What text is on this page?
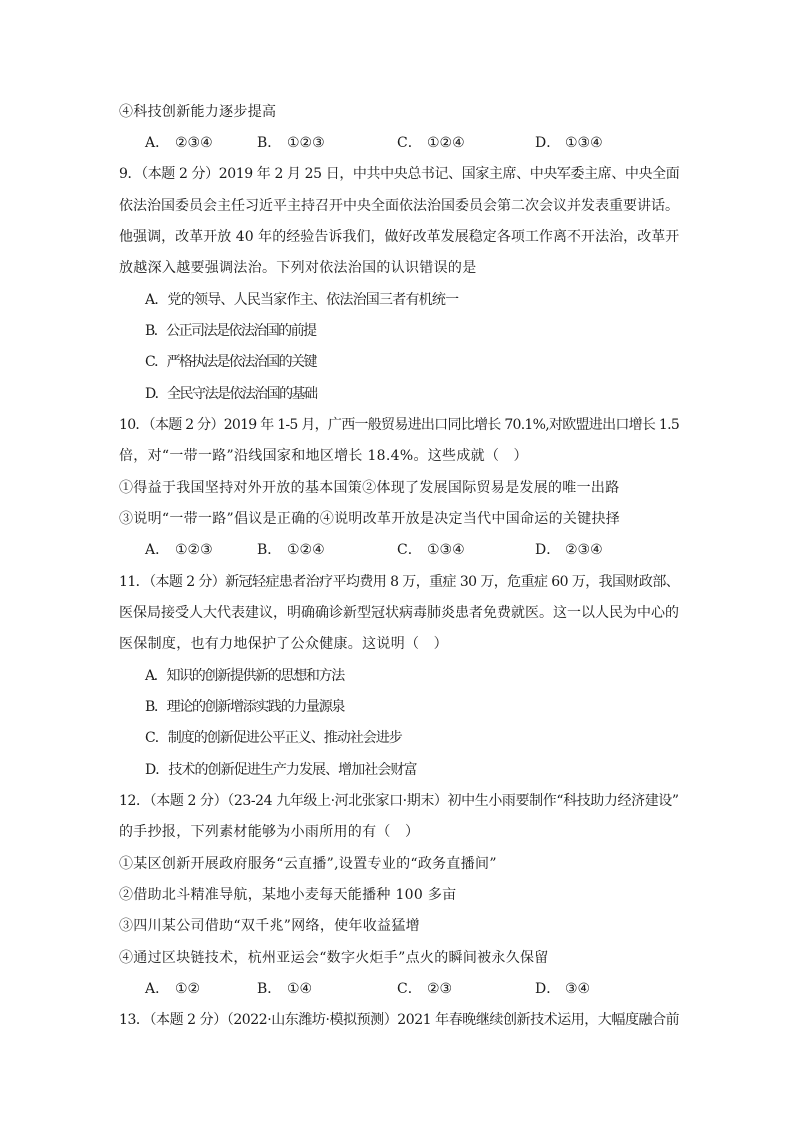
④科技创新能力逐步提高
A． ②③④	B． ①②③	C． ①②④	D． ①③④
9．（本题 2 分）2019 年 2 月 25 日，中共中央总书记、国家主席、中央军委主席、中央全面
依法治国委员会主任习近平主持召开中央全面依法治国委员会第二次会议并发表重要讲话。
他强调，改革开放 40 年的经验告诉我们，做好改革发展稳定各项工作离不开法治，改革开
放越深入越要强调法治。下列对依法治国的认识错误的是
A．党的领导、人民当家作主、依法治国三者有机统一
B．公正司法是依法治国的前提
C．严格执法是依法治国的关键
D．全民守法是依法治国的基础
10．（本题 2 分）2019 年 1-5 月，广西一般贸易进出口同比增长 70.1%,对欧盟进出口增长 1.5
倍，对“一带一路”沿线国家和地区增长 18.4%。这些成就（　）
①得益于我国坚持对外开放的基本国策②体现了发展国际贸易是发展的唯一出路
③说明“一带一路”倡议是正确的④说明改革开放是决定当代中国命运的关键抉择
A． ①②③	B． ①②④	C． ①③④	D． ②③④
11．（本题 2 分）新冠轻症患者治疗平均费用 8 万，重症 30 万，危重症 60 万，我国财政部、
医保局接受人大代表建议，明确确诊新型冠状病毒肺炎患者免费就医。这一以人民为中心的
医保制度，也有力地保护了公众健康。这说明（　）
A．知识的创新提供新的思想和方法
B．理论的创新增添实践的力量源泉
C．制度的创新促进公平正义、推动社会进步
D．技术的创新促进生产力发展、增加社会财富
12．（本题 2 分）（23-24 九年级上·河北张家口·期末）初中生小雨要制作“科技助力经济建设”
的手抄报，下列素材能够为小雨所用的有（　）
①某区创新开展政府服务“云直播”,设置专业的“政务直播间”
②借助北斗精准导航，某地小麦每天能播种 100 多亩
③四川某公司借助“双千兆”网络，使年收益猛增
④通过区块链技术，杭州亚运会“数字火炬手”点火的瞬间被永久保留
A． ①②	B． ①④	C． ②③	D． ③④
13．（本题 2 分）（2022·山东潍坊·模拟预测）2021 年春晚继续创新技术运用，大幅度融合前
